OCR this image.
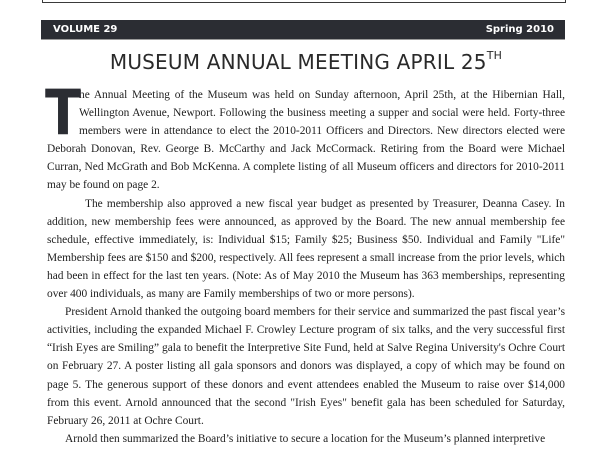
VOLUME 29	Spring 2010
MUSEUM ANNUAL MEETING APRIL 25TH

T
he Annual Meeting of the Museum was held on Sunday afternoon, April 25th, at the Hibernian Hall, Wellington Avenue, Newport. Following the business meeting a supper and social were held. Forty-three members were in attendance to elect the 2010-2011 Officers and Directors. New directors elected were Deborah Donovan, Rev. George B. McCarthy and Jack McCormack. Retiring from the Board were Michael Curran, Ned McGrath and Bob McKenna. A complete listing of all Museum officers and directors for 2010-2011 may be found on page 2.

The membership also approved a new fiscal year budget as presented by Treasurer, Deanna Casey. In addition, new membership fees were announced, as approved by the Board. The new annual membership fee schedule, effective immediately, is: Individual $15; Family $25; Business $50. Individual and Family "Life" Membership fees are $150 and $200, respectively. All fees represent a small increase from the prior levels, which had been in effect for the last ten years. (Note: As of May 2010 the Museum has 363 memberships, representing over 400 individuals, as many are Family memberships of two or more persons).

President Arnold thanked the outgoing board members for their service and summarized the past fiscal year’s activities, including the expanded Michael F. Crowley Lecture program of six talks, and the very successful first “Irish Eyes are Smiling” gala to benefit the Interpretive Site Fund, held at Salve Regina University's Ochre Court on February 27. A poster listing all gala sponsors and donors was displayed, a copy of which may be found on page 5. The generous support of these donors and event attendees enabled the Museum to raise over $14,000 from this event. Arnold announced that the second "Irish Eyes" benefit gala has been scheduled for Saturday, February 26, 2011 at Ochre Court.

Arnold then summarized the Board’s initiative to secure a location for the Museum’s planned interpretive
